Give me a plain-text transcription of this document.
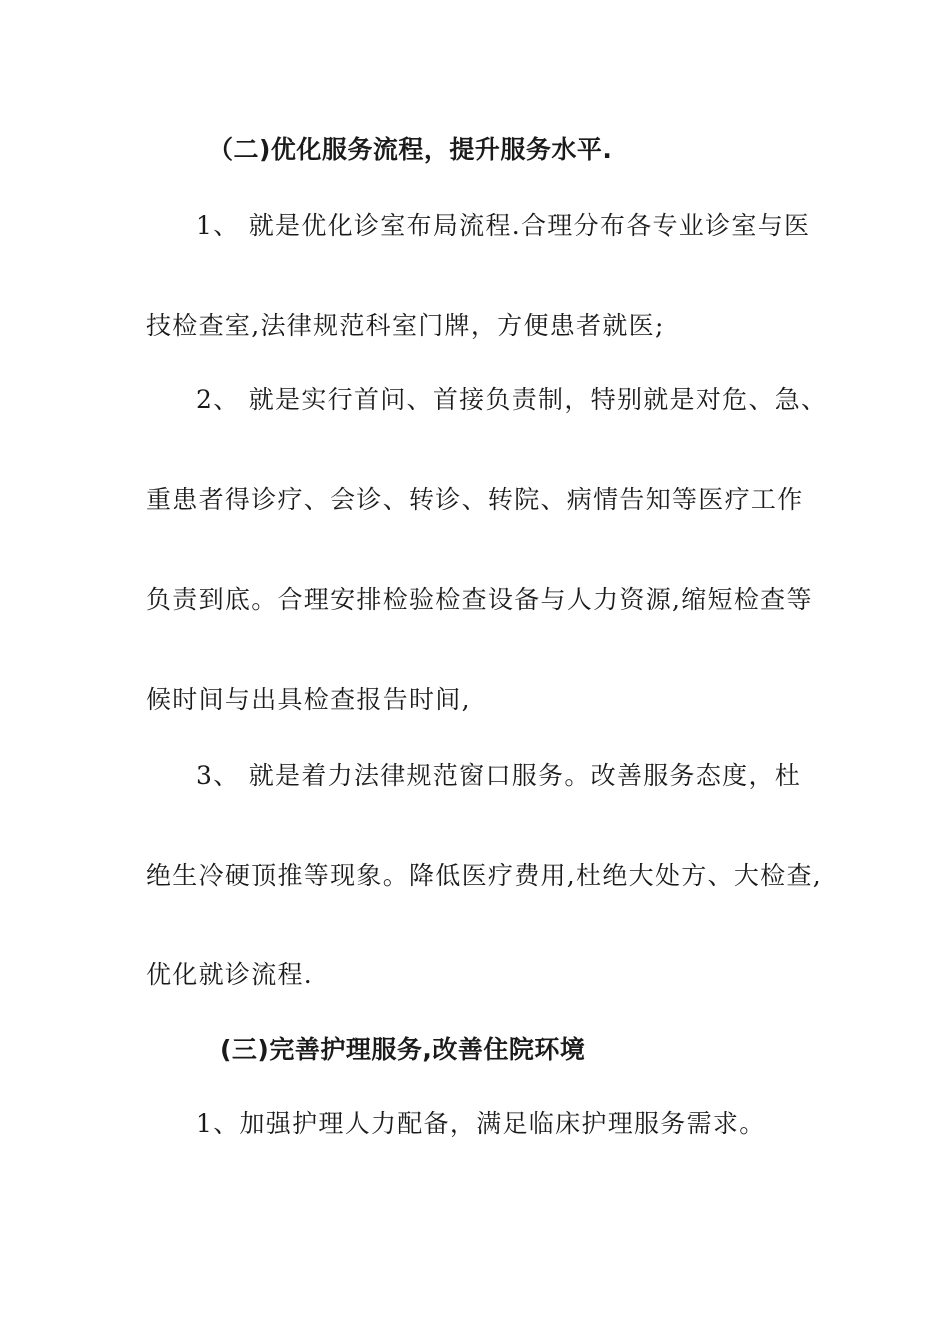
（二)优化服务流程，提升服务水平.
1、 就是优化诊室布局流程.合理分布各专业诊室与医
技检查室,法律规范科室门牌，方便患者就医;
2、 就是实行首问、首接负责制，特别就是对危、急、
重患者得诊疗、会诊、转诊、转院、病情告知等医疗工作
负责到底。合理安排检验检查设备与人力资源,缩短检查等
候时间与出具检查报告时间,
3、 就是着力法律规范窗口服务。改善服务态度，杜
绝生冷硬顶推等现象。降低医疗费用,杜绝大处方、大检查,
优化就诊流程.
(三)完善护理服务,改善住院环境
1、加强护理人力配备，满足临床护理服务需求。
